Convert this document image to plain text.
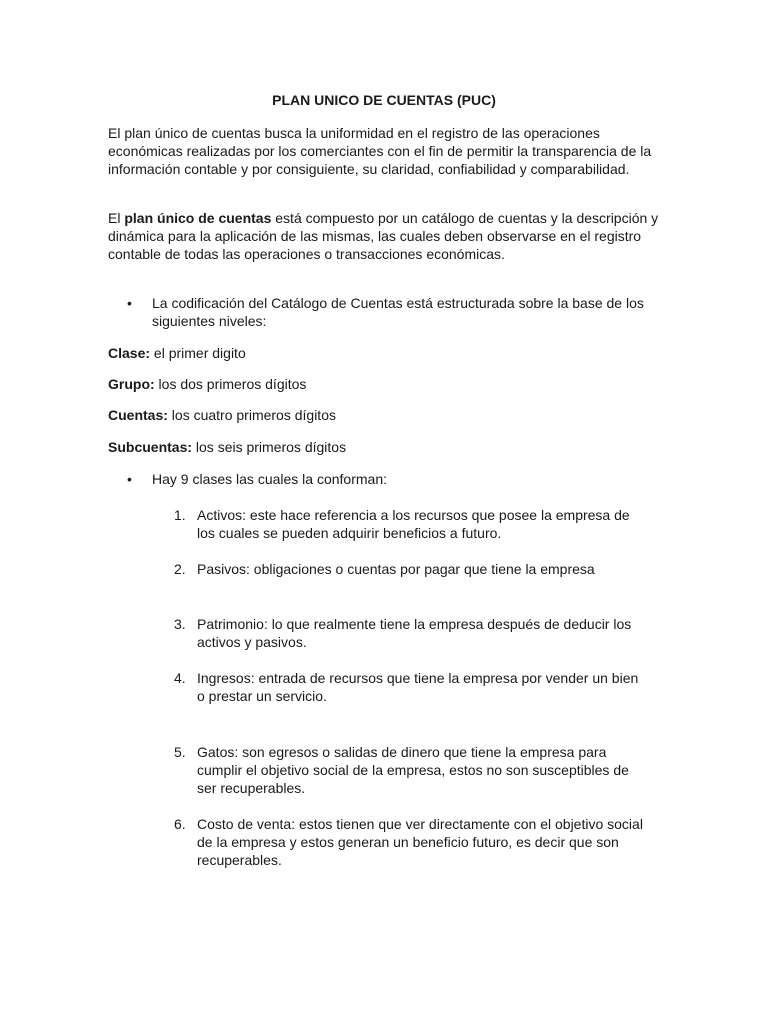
PLAN UNICO DE CUENTAS (PUC)

El plan único de cuentas busca la uniformidad en el registro de las operaciones económicas realizadas por los comerciantes con el fin de permitir la transparencia de la información contable y por consiguiente, su claridad, confiabilidad y comparabilidad.

El plan único de cuentas está compuesto por un catálogo de cuentas y la descripción y dinámica para la aplicación de las mismas, las cuales deben observarse en el registro contable de todas las operaciones o transacciones económicas.

•	La codificación del Catálogo de Cuentas está estructurada sobre la base de los siguientes niveles:

Clase: el primer digito

Grupo: los dos primeros dígitos

Cuentas: los cuatro primeros dígitos

Subcuentas: los seis primeros dígitos

•	Hay 9 clases las cuales la conforman:
1. Activos: este hace referencia a los recursos que posee la empresa de los cuales se pueden adquirir beneficios a futuro.
2. Pasivos: obligaciones o cuentas por pagar que tiene la empresa
3. Patrimonio: lo que realmente tiene la empresa después de deducir los activos y pasivos.
4. Ingresos: entrada de recursos que tiene la empresa por vender un bien o prestar un servicio.
5. Gatos: son egresos o salidas de dinero que tiene la empresa para cumplir el objetivo social de la empresa, estos no son susceptibles de ser recuperables.
6. Costo de venta: estos tienen que ver directamente con el objetivo social de la empresa y estos generan un beneficio futuro, es decir que son recuperables.
